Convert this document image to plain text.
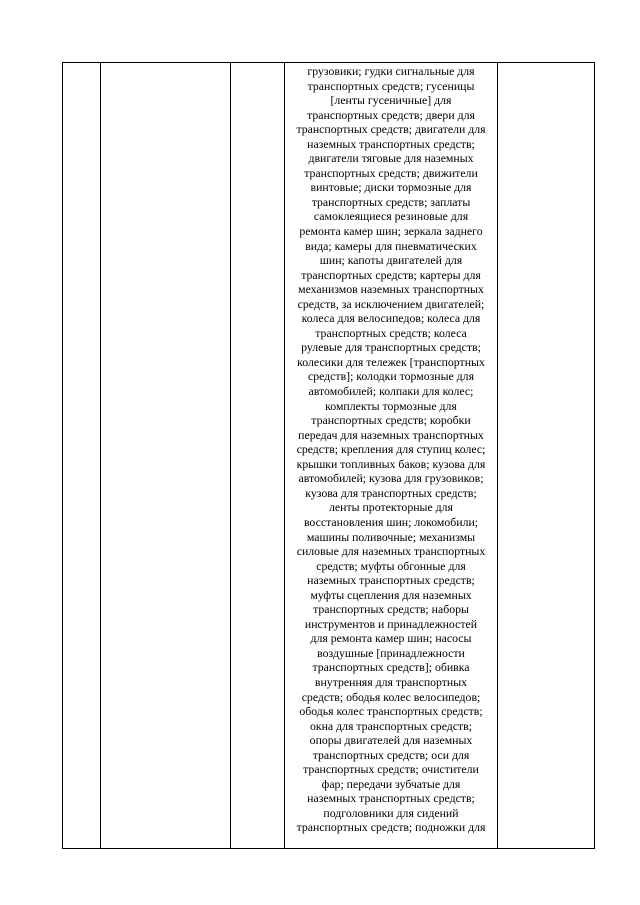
грузовики; гудки сигнальные для
транспортных средств; гусеницы
[ленты гусеничные] для
транспортных средств; двери для
транспортных средств; двигатели для
наземных транспортных средств;
двигатели тяговые для наземных
транспортных средств; движители
винтовые; диски тормозные для
транспортных средств; заплаты
самоклеящиеся резиновые для
ремонта камер шин; зеркала заднего
вида; камеры для пневматических
шин; капоты двигателей для
транспортных средств; картеры для
механизмов наземных транспортных
средств, за исключением двигателей;
колеса для велосипедов; колеса для
транспортных средств; колеса
рулевые для транспортных средств;
колесики для тележек [транспортных
средств]; колодки тормозные для
автомобилей; колпаки для колес;
комплекты тормозные для
транспортных средств; коробки
передач для наземных транспортных
средств; крепления для ступиц колес;
крышки топливных баков; кузова для
автомобилей; кузова для грузовиков;
кузова для транспортных средств;
ленты протекторные для
восстановления шин; локомобили;
машины поливочные; механизмы
силовые для наземных транспортных
средств; муфты обгонные для
наземных транспортных средств;
муфты сцепления для наземных
транспортных средств; наборы
инструментов и принадлежностей
для ремонта камер шин; насосы
воздушные [принадлежности
транспортных средств]; обивка
внутренняя для транспортных
средств; ободья колес велосипедов;
ободья колес транспортных средств;
окна для транспортных средств;
опоры двигателей для наземных
транспортных средств; оси для
транспортных средств; очистители
фар; передачи зубчатые для
наземных транспортных средств;
подголовники для сидений
транспортных средств; подножки для
